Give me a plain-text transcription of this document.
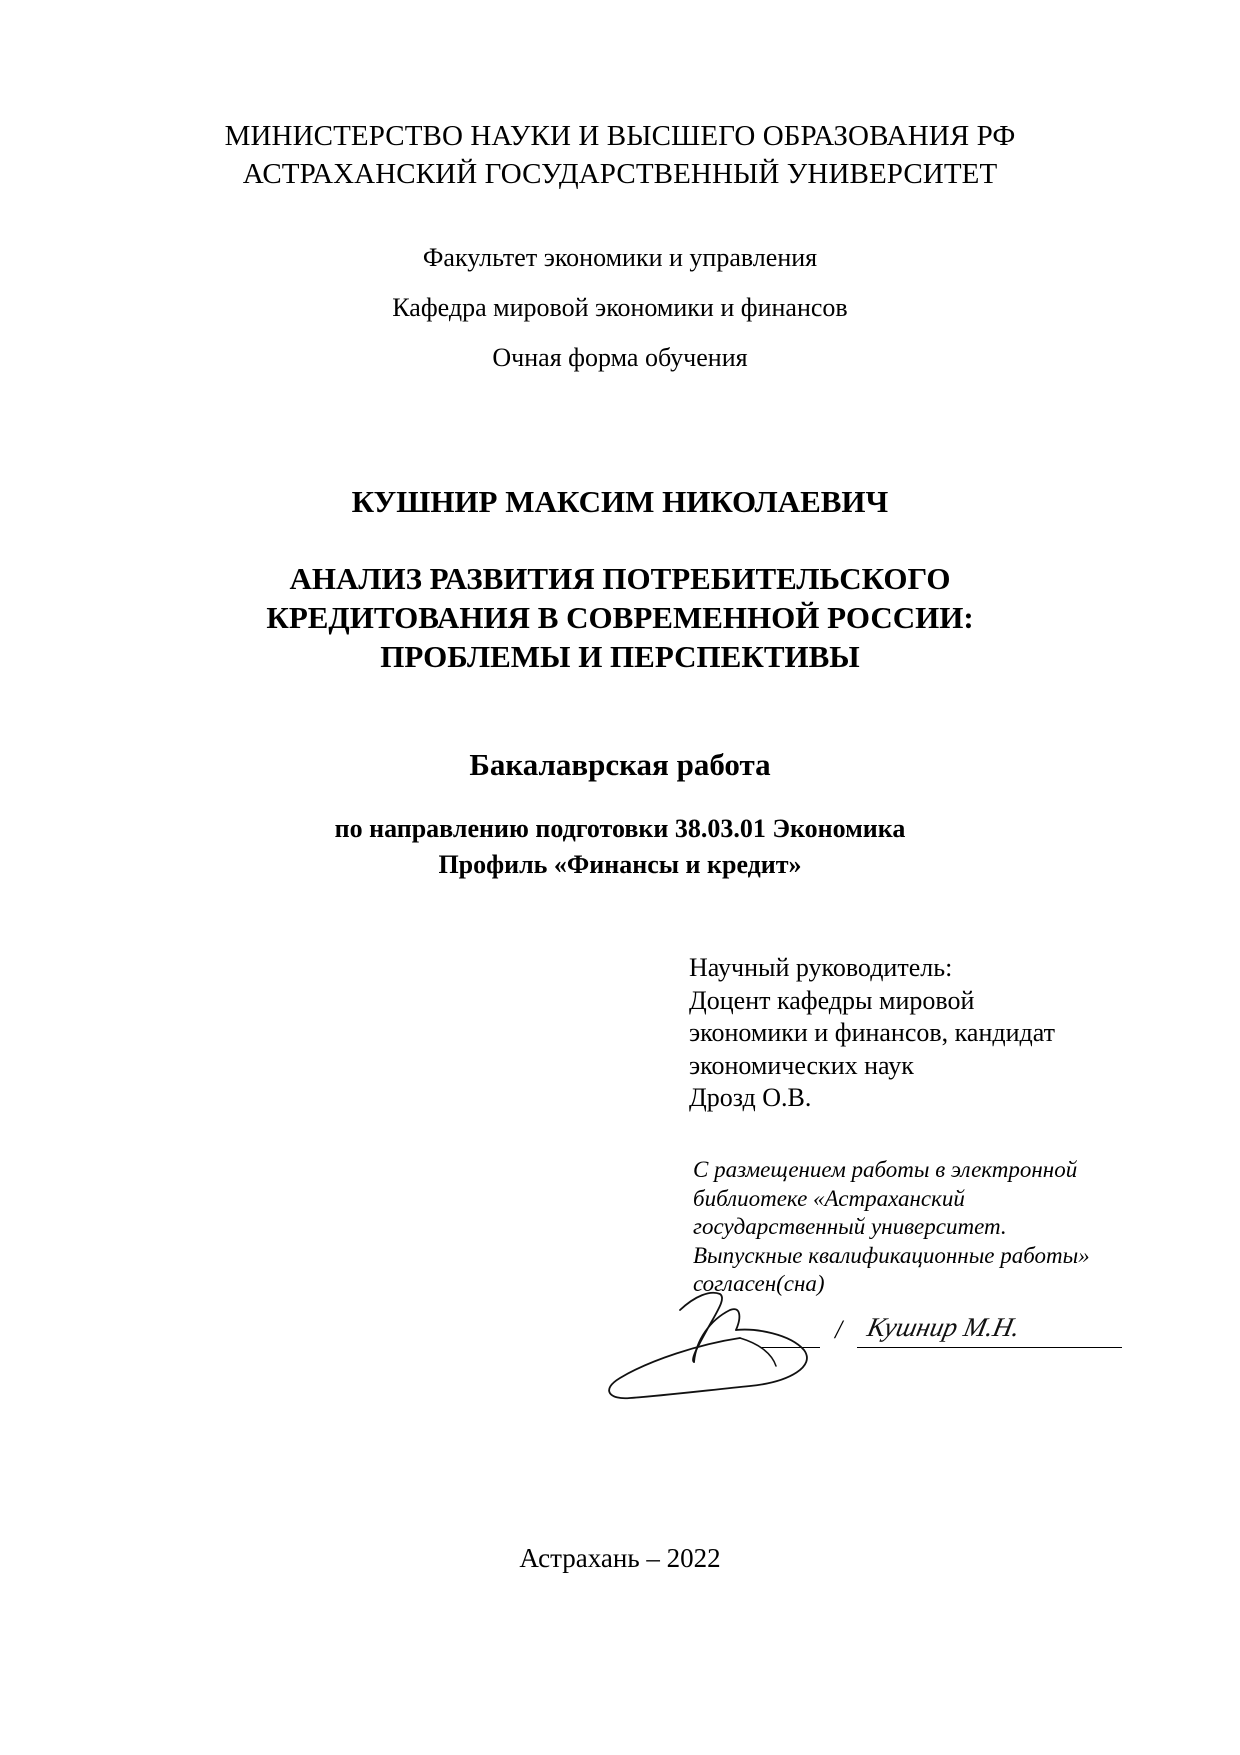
МИНИСТЕРСТВО НАУКИ И ВЫСШЕГО ОБРАЗОВАНИЯ РФ
АСТРАХАНСКИЙ ГОСУДАРСТВЕННЫЙ УНИВЕРСИТЕТ
Факультет экономики и управления
Кафедра мировой экономики и финансов
Очная форма обучения
КУШНИР МАКСИМ НИКОЛАЕВИЧ
АНАЛИЗ РАЗВИТИЯ ПОТРЕБИТЕЛЬСКОГО
КРЕДИТОВАНИЯ В СОВРЕМЕННОЙ РОССИИ:
ПРОБЛЕМЫ И ПЕРСПЕКТИВЫ
Бакалаврская работа
по направлению подготовки 38.03.01 Экономика
Профиль «Финансы и кредит»
Научный руководитель:
Доцент кафедры мировой
экономики и финансов, кандидат
экономических наук
Дрозд О.В.
С размещением работы в электронной
библиотеке «Астраханский
государственный университет.
Выпускные квалификационные работы»
согласен(сна)
/ Кушнир М.Н.
Астрахань – 2022
